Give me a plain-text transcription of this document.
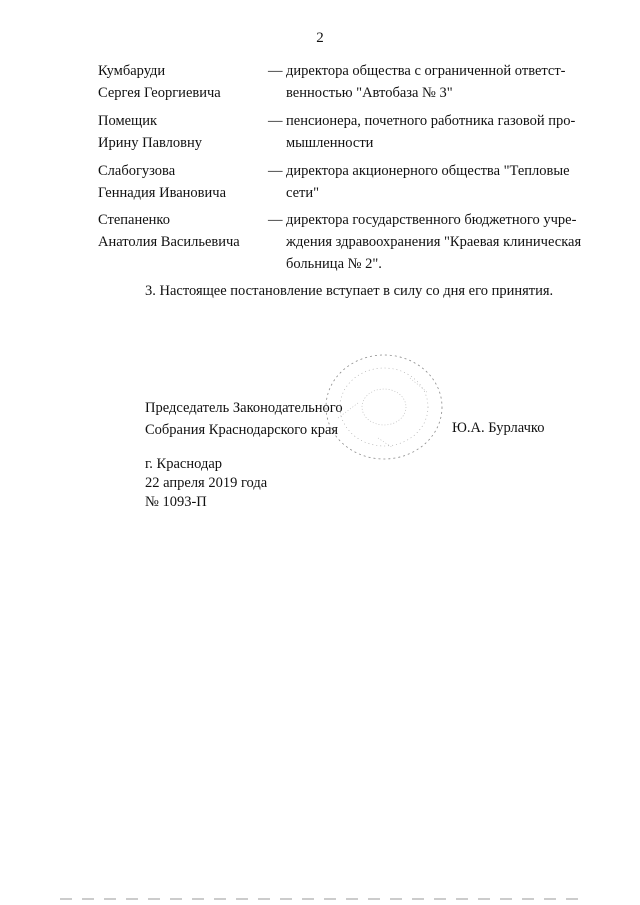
2
Кумбаруди
Сергея Георгиевича
— директора общества с ограниченной ответст-
венностью "Автобаза № 3"
Помещик
Ирину Павловну
— пенсионера, почетного работника газовой про-
мышленности
Слабогузова
Геннадия Ивановича
— директора акционерного общества "Тепловые
сети"
Степаненко
Анатолия Васильевича
— директора государственного бюджетного учре-
ждения здравоохранения "Краевая клиническая
больница № 2".
3. Настоящее постановление вступает в силу со дня его принятия.
Председатель Законодательного
Собрания Краснодарского края	Ю.А. Бурлачко
г. Краснодар
22 апреля 2019 года
№ 1093-П
